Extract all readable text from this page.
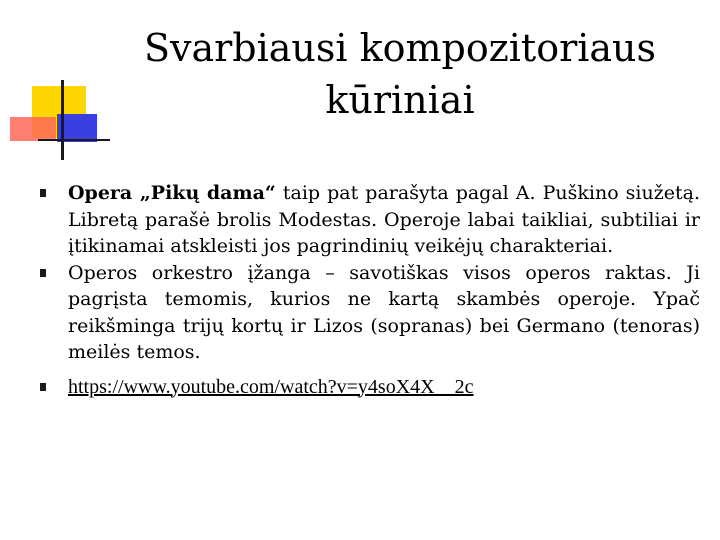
Svarbiausi kompozitoriaus
kūriniai
Opera „Pikų dama“ taip pat parašyta pagal A. Puškino siužetą. Libretą parašė brolis Modestas. Operoje labai taikliai, subtiliai ir įtikinamai atskleisti jos pagrindinių veikėjų charakteriai.
Operos orkestro įžanga – savotiškas visos operos raktas. Ji pagrįsta temomis, kurios ne kartą skambės operoje. Ypač reikšminga trijų kortų ir Lizos (sopranas) bei Germano (tenoras) meilės temos.
https://www.youtube.com/watch?v=y4soX4X__2c
